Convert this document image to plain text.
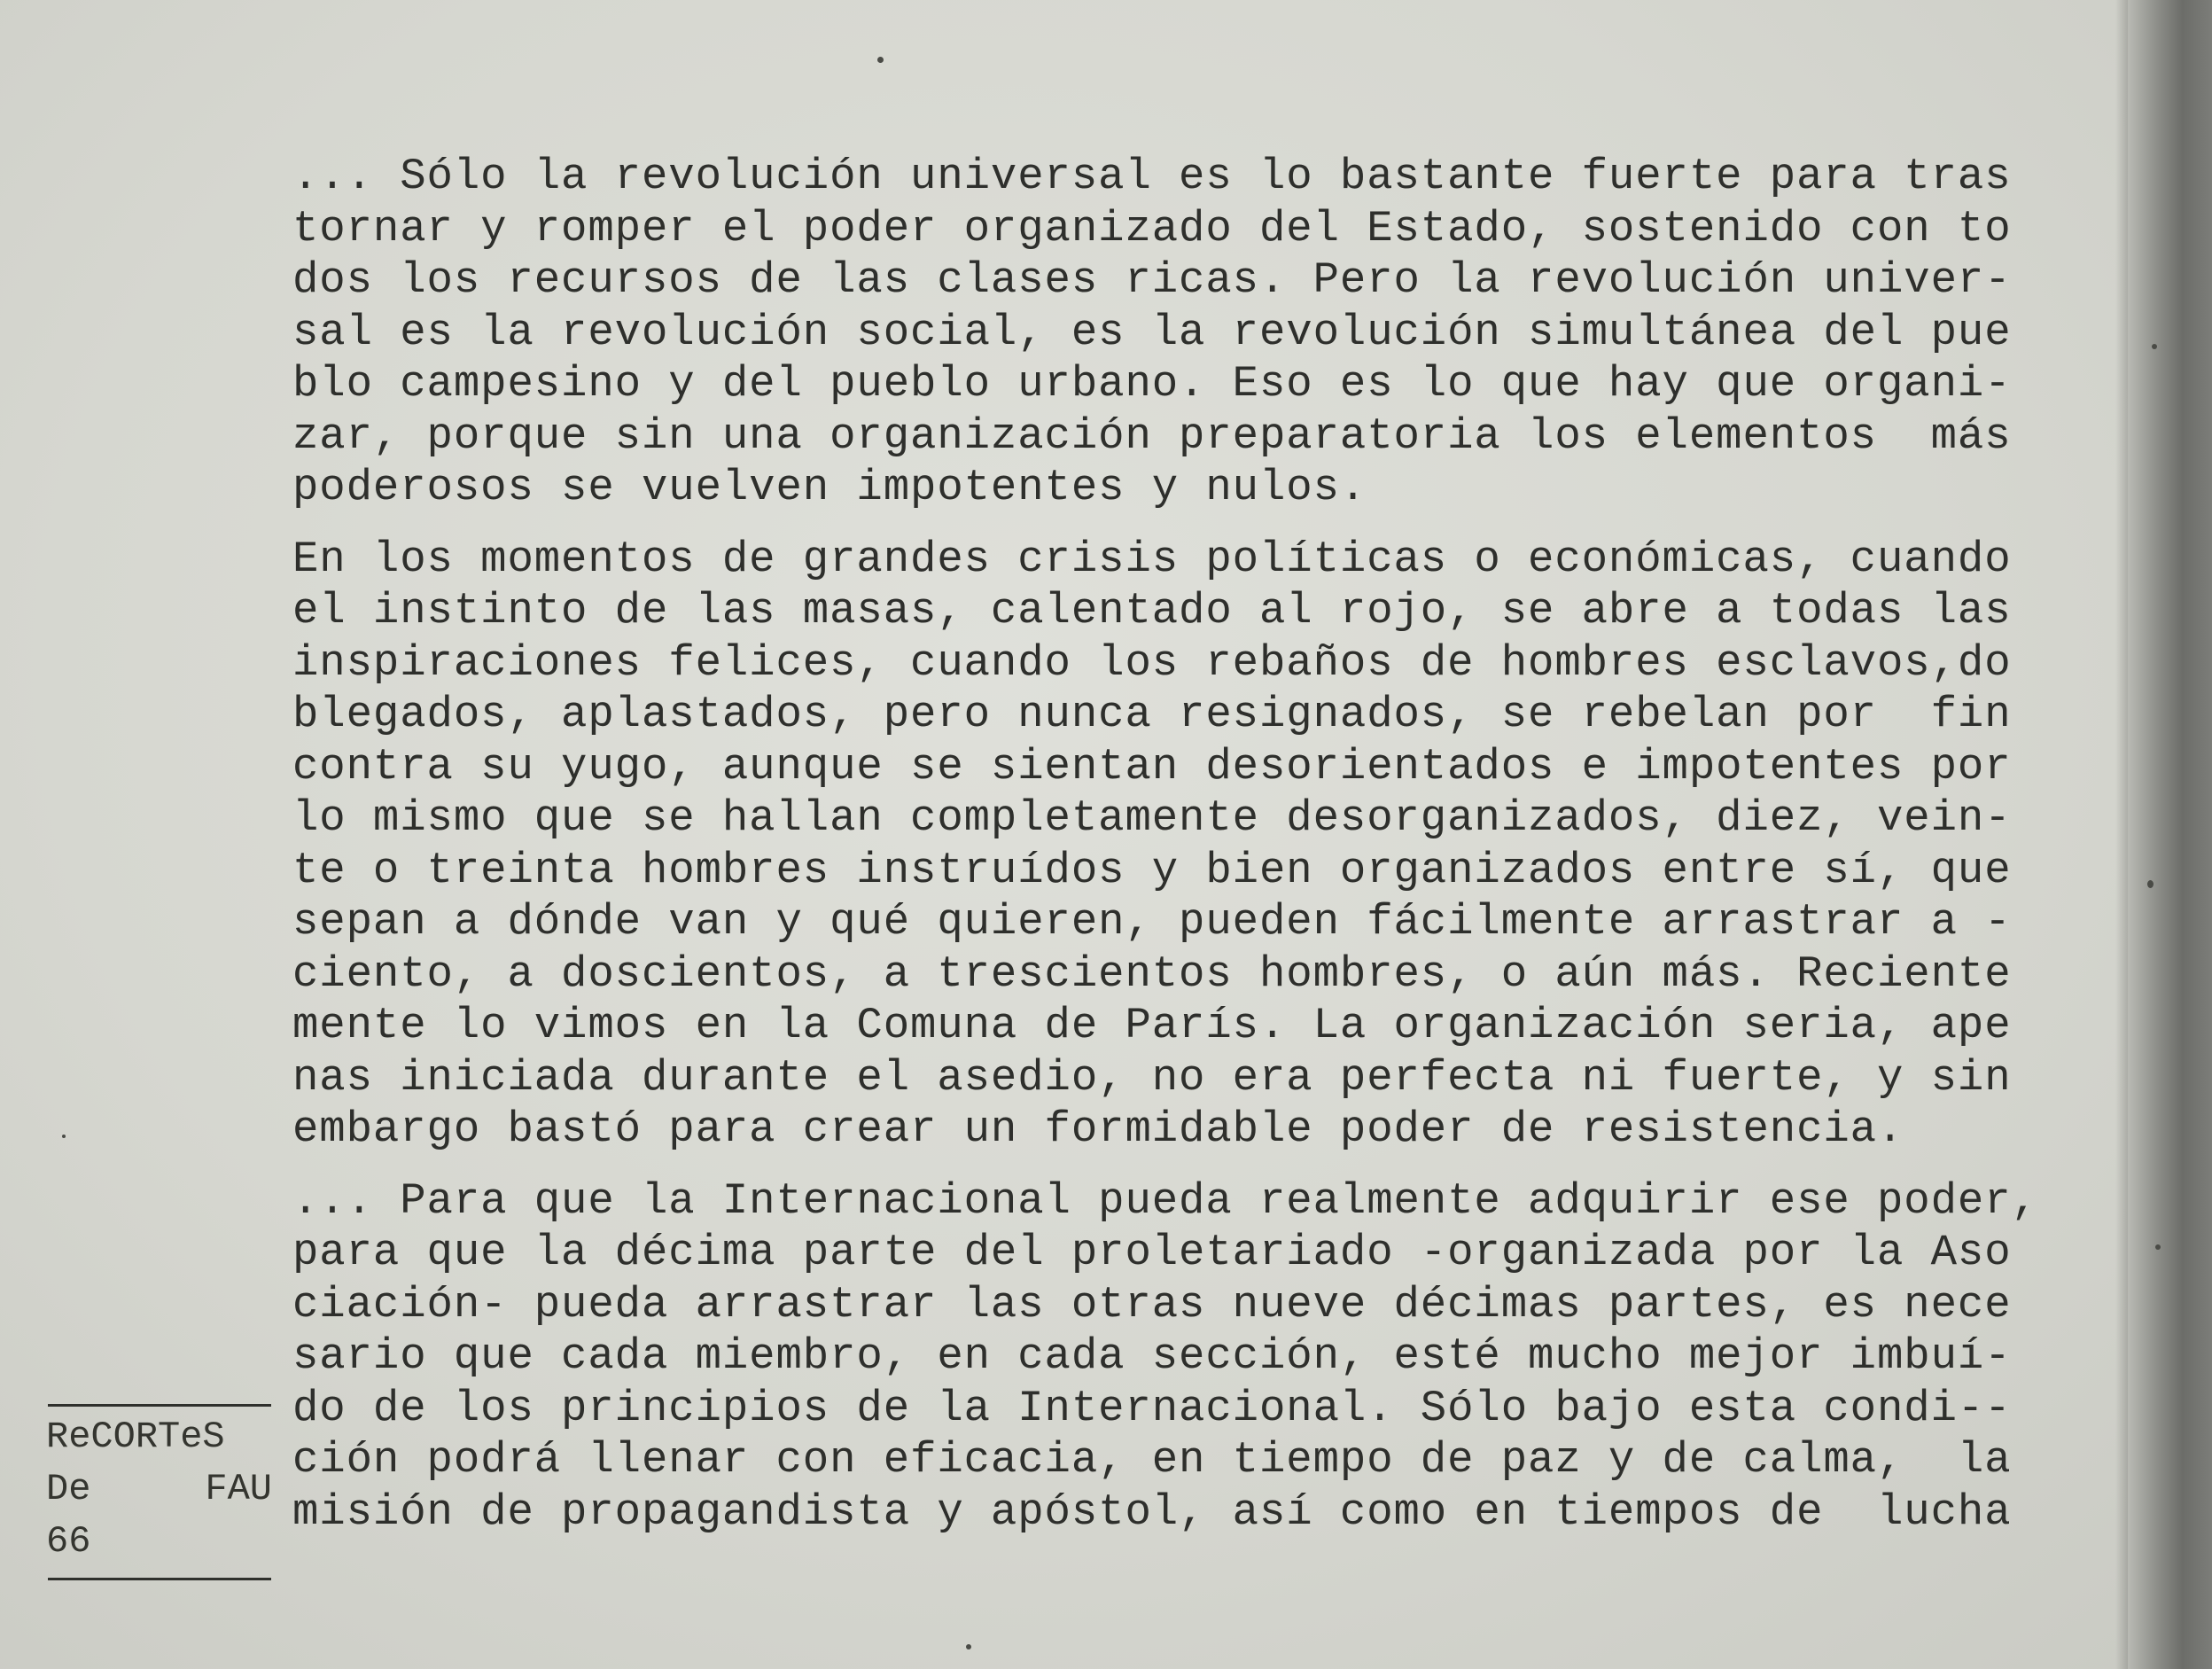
... Sólo la revolución universal es lo bastante fuerte para tras
tornar y romper el poder organizado del Estado, sostenido con to
dos los recursos de las clases ricas. Pero la revolución univer-
sal es la revolución social, es la revolución simultánea del pue
blo campesino y del pueblo urbano. Eso es lo que hay que organi-
zar, porque sin una organización preparatoria los elementos  más
poderosos se vuelven impotentes y nulos.
En los momentos de grandes crisis políticas o económicas, cuando
el instinto de las masas, calentado al rojo, se abre a todas las
inspiraciones felices, cuando los rebaños de hombres esclavos,do
blegados, aplastados, pero nunca resignados, se rebelan por  fin
contra su yugo, aunque se sientan desorientados e impotentes por
lo mismo que se hallan completamente desorganizados, diez, vein-
te o treinta hombres instruídos y bien organizados entre sí, que
sepan a dónde van y qué quieren, pueden fácilmente arrastrar a -
ciento, a doscientos, a trescientos hombres, o aún más. Reciente
mente lo vimos en la Comuna de París. La organización seria, ape
nas iniciada durante el asedio, no era perfecta ni fuerte, y sin
embargo bastó para crear un formidable poder de resistencia.
... Para que la Internacional pueda realmente adquirir ese poder,
para que la décima parte del proletariado -organizada por la Aso
ciación- pueda arrastrar las otras nueve décimas partes, es nece
sario que cada miembro, en cada sección, esté mucho mejor imbuí-
do de los principios de la Internacional. Sólo bajo esta condi--
ción podrá llenar con eficacia, en tiempo de paz y de calma,  la
misión de propagandista y apóstol, así como en tiempos de  lucha
ReCORTeS
De	FAU
66
